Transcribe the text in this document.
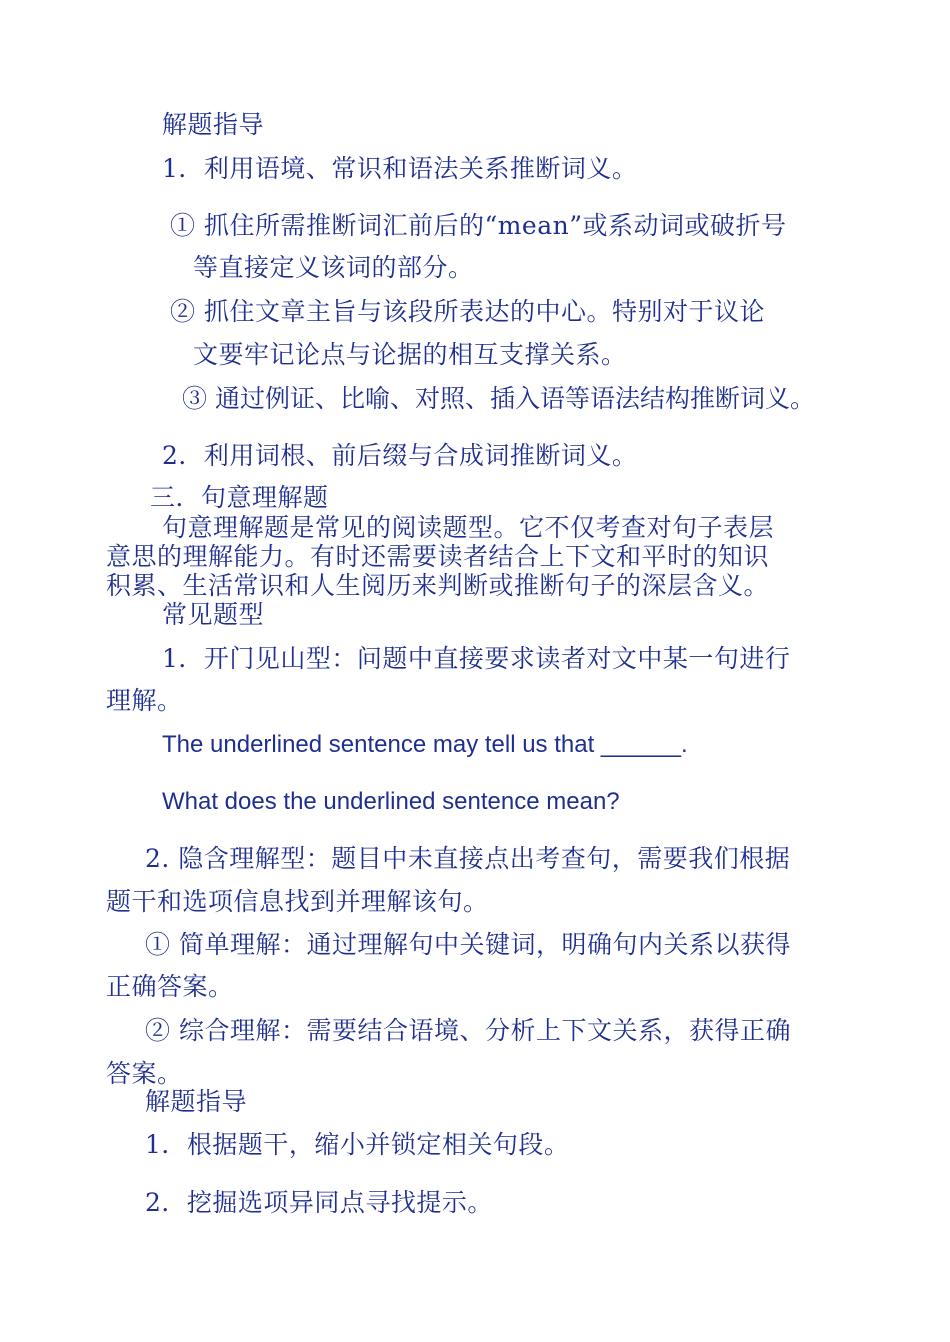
解题指导
1．利用语境、常识和语法关系推断词义。
① 抓住所需推断词汇前后的“mean”或系动词或破折号
等直接定义该词的部分。
② 抓住文章主旨与该段所表达的中心。特别对于议论
文要牢记论点与论据的相互支撑关系。
③ 通过例证、比喻、对照、插入语等语法结构推断词义。
2．利用词根、前后缀与合成词推断词义。
三．句意理解题
句意理解题是常见的阅读题型。它不仅考查对句子表层
意思的理解能力。有时还需要读者结合上下文和平时的知识
积累、生活常识和人生阅历来判断或推断句子的深层含义。
常见题型
1．开门见山型：问题中直接要求读者对文中某一句进行
理解。
The underlined sentence may tell us that ______.
What does the underlined sentence mean?
2. 隐含理解型：题目中未直接点出考查句，需要我们根据
题干和选项信息找到并理解该句。
① 简单理解：通过理解句中关键词，明确句内关系以获得
正确答案。
② 综合理解：需要结合语境、分析上下文关系，获得正确
答案。
解题指导
1．根据题干，缩小并锁定相关句段。
2．挖掘选项异同点寻找提示。
